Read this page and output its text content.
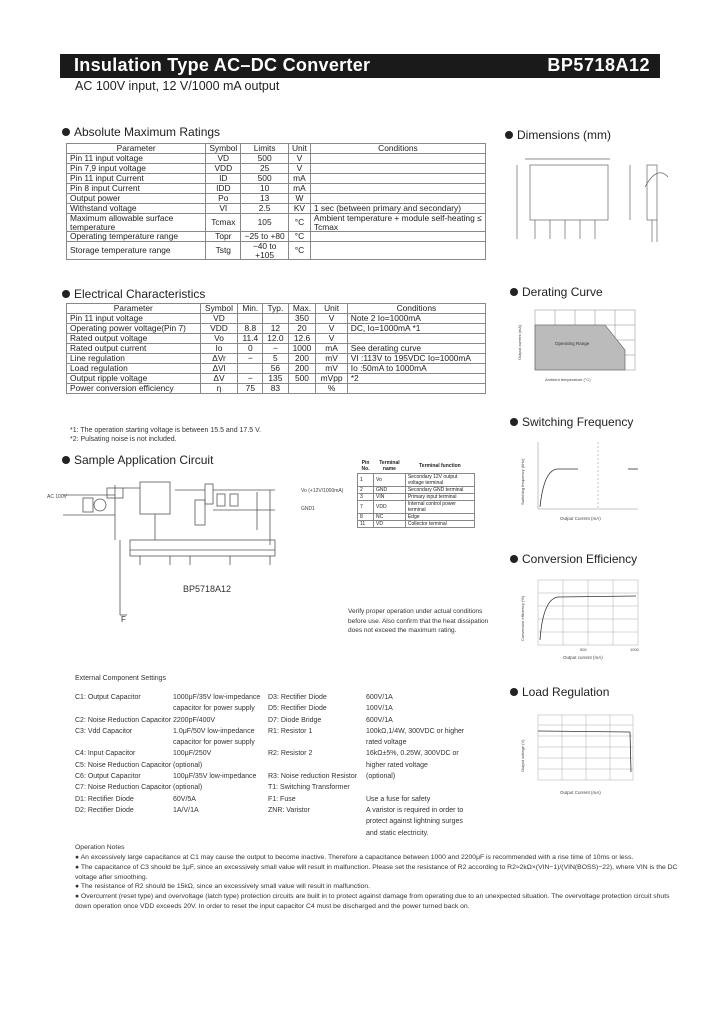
Insulation Type AC–DC Converter	BP5718A12
AC 100V input, 12 V/1000 mA output
Absolute Maximum Ratings
Parameter	Symbol	Limits	Unit	Conditions
Pin 11 input voltage	VD	500	V	
Pin 7,9 input voltage	VDD	25	V	
Pin 11 input Current	ID	500	mA	
Pin 8 input Current	IDD	10	mA	
Output power	Po	13	W	
Withstand voltage	VI	2.5	KV	1 sec (between primary and secondary)
Maximum allowable surface temperature	Tcmax	105	°C	Ambient temperature + module self-heating ≤ Tcmax
Operating temperature range	Topr	−25 to +80	°C	
Storage temperature range	Tstg	−40 to +105	°C	
Electrical Characteristics
Parameter	Symbol	Min.	Typ.	Max.	Unit	Conditions
Pin 11 input voltage	VD			350	V	Note 2 Io=1000mA
Operating power voltage(Pin 7)	VDD	8.8	12	20	V	DC, Io=1000mA *1
Rated output voltage	Vo	11.4	12.0	12.6	V	
Rated output current	Io	0	−	1000	mA	See derating curve
Line regulation	ΔVr	−	5	200	mV	VI :113V to 195VDC Io=1000mA
Load regulation	ΔVl		56	200	mV	Io :50mA to 1000mA
Output ripple voltage	ΔV	−	135	500	mVpp	*2
Power conversion efficiency	η	75	83		%	
*1: The operation starting voltage is between 15.5 and 17.5 V.
*2: Pulsating noise is not included.
Sample Application Circuit
AC 100V
Vo (+12V/1000mA)
GND1
BP5718A12
F
Pin No.	Terminal name	Terminal function
1	Vo	Secondary 12V output voltage terminal
2	GND	Secondary GND terminal
3	VIN	Primary input terminal
7	VDD	Internal control power terminal
8	NC	Edge
11	VD	Collector terminal
Verify proper operation under actual conditions before use. Also confirm that the heat dissipation does not exceed the maximum rating.
External Component Settings
C1: Output Capacitor	1000μF/35V low-impedance capacitor for power supply
C2: Noise Reduction Capacitor 2200pF/400V
C3: Vdd Capacitor	1.0μF/50V low-impedance capacitor for power supply
C4: Input Capacitor	100μF/250V
C5: Noise Reduction Capacitor (optional)
C6: Output Capacitor	100μF/35V low-impedance
C7: Noise Reduction Capacitor (optional)
D1: Rectifier Diode	60V/5A
D2: Rectifier Diode	1A/V/1A
D3: Rectifier Diode	600V/1A
D5: Rectifier Diode	100V/1A
D7: Diode Bridge	600V/1A
R1: Resistor 1	100kΩ,1/4W, 300VDC or higher rated voltage
R2: Resistor 2	16kΩ±5%, 0.25W, 300VDC or higher rated voltage
R3: Noise reduction Resistor	(optional)
T1: Switching Transformer
F1: Fuse	Use a fuse for safety
ZNR: Varistor	A varistor is required in order to protect against lightning surges and static electricity.
Operation Notes
● An excessively large capacitance at C1 may cause the output to become inactive. Therefore a capacitance between 1000 and 2200μF is recommended with a rise time of 10ms or less.
● The capacitance of C3 should be 1μF, since an excessively small value will result in malfunction. Please set the resistance of R2 according to R2≈2kΩ×(VIN−1)/(VIN(BOSS)−22), where VIN is the DC voltage after smoothing.
● The resistance of R2 should be 15kΩ, since an excessively small value will result in malfunction.
● Overcurrent (reset type) and overvoltage (latch type) protection circuits are built in to protect against damage from operating due to an unexpected situation. The overvoltage protection circuit shuts down operation once VDD exceeds 20V. In order to reset the input capacitor C4 must be discharged and the power turned back on.
Dimensions (mm)
Derating Curve
Operating Range
Output current (mA)
Ambient temperature (°C)
Switching Frequency
Switching frequency (kHz)
Output Current (mA)
Conversion Efficiency
500	1000
Conversion efficiency (%)
Output current (mA)
Load Regulation
Output voltage (V)
Output Current (mA)
